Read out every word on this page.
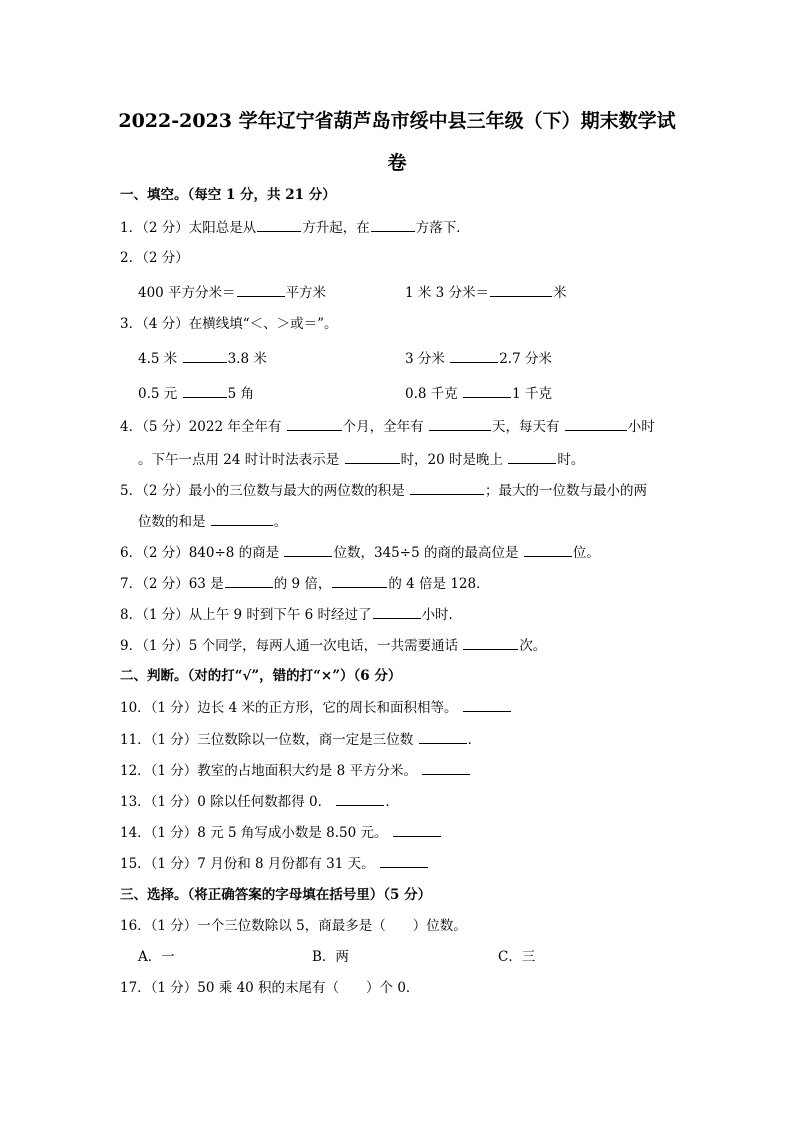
2022-2023 学年辽宁省葫芦岛市绥中县三年级（下）期末数学试
卷
一、填空。（每空 1 分，共 21 分）
1．（2 分）太阳总是从	方升起，在	方落下．
2．（2 分）
400 平方分米＝	平方米	1 米 3 分米＝	米
3．（4 分）在横线填“＜、＞或＝”。
4.5 米	3.8 米	3 分米	2.7 分米
0.5 元	5 角	0.8 千克	1 千克
4．（5 分）2022 年全年有	个月，全年有	天，每天有	小时
。下午一点用 24 时计时法表示是	时，20 时是晚上	时。
5．（2 分）最小的三位数与最大的两位数的积是	；最大的一位数与最小的两
位数的和是	。
6．（2 分）840÷8 的商是	位数，345÷5 的商的最高位是	位。
7．（2 分）63 是	的 9 倍，	的 4 倍是 128．
8．（1 分）从上午 9 时到下午 6 时经过了	小时．
9．（1 分）5 个同学，每两人通一次电话，一共需要通话	次。
二、判断。（对的打“√”，错的打“×”）（6 分）
10．（1 分）边长 4 米的正方形，它的周长和面积相等。
11．（1 分）三位数除以一位数，商一定是三位数	．
12．（1 分）教室的占地面积大约是 8 平方分米。
13．（1 分）0 除以任何数都得 0．	．
14．（1 分）8 元 5 角写成小数是 8.50 元。
15．（1 分）7 月份和 8 月份都有 31 天。
三、选择。（将正确答案的字母填在括号里）（5 分）
16．（1 分）一个三位数除以 5，商最多是（　　）位数。
A．一	B．两	C．三
17．（1 分）50 乘 40 积的末尾有（　　）个 0．
